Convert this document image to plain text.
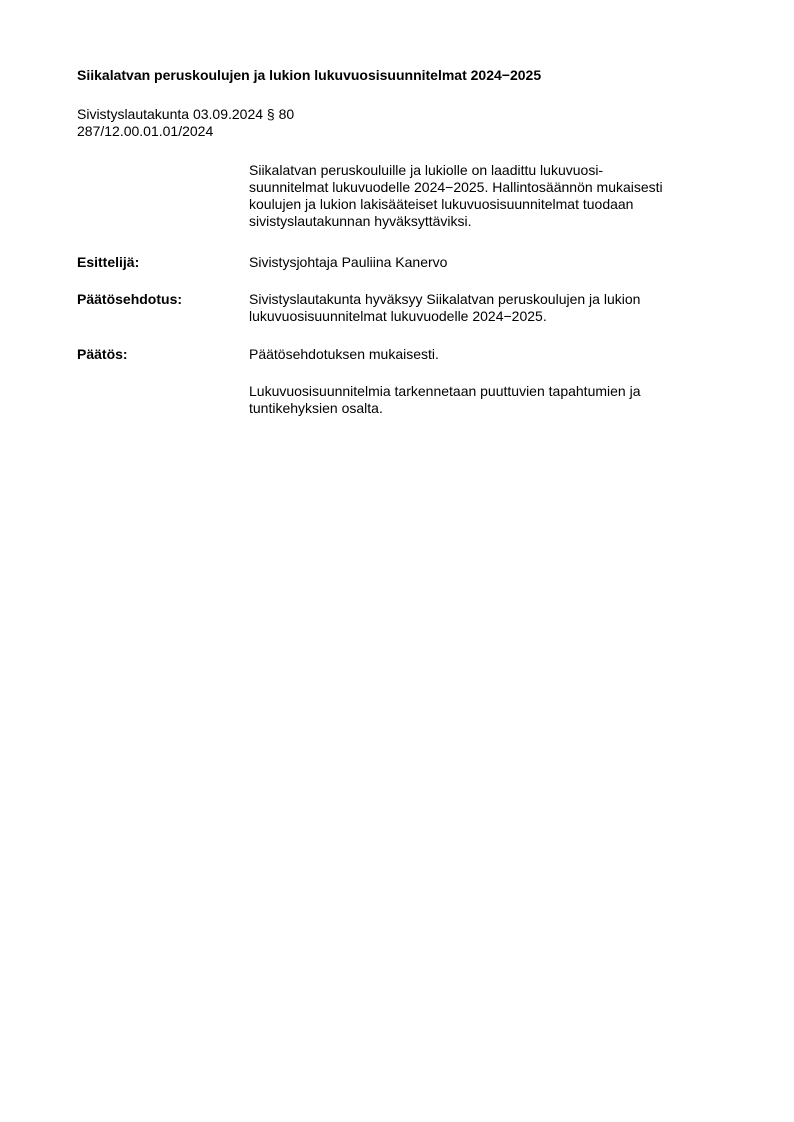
Siikalatvan peruskoulujen ja lukion lukuvuosisuunnitelmat 2024−2025
Sivistyslautakunta 03.09.2024 § 80
287/12.00.01.01/2024
Siikalatvan peruskouluille ja lukiolle on laadittu lukuvuosi-
suunnitelmat lukuvuodelle 2024−2025. Hallintosäännön mukaisesti
koulujen ja lukion lakisääteiset lukuvuosisuunnitelmat tuodaan
sivistyslautakunnan hyväksyttäviksi.
Esittelijä:	Sivistysjohtaja Pauliina Kanervo
Päätösehdotus:	Sivistyslautakunta hyväksyy Siikalatvan peruskoulujen ja lukion
lukuvuosisuunnitelmat lukuvuodelle 2024−2025.
Päätös:	Päätösehdotuksen mukaisesti.
Lukuvuosisuunnitelmia tarkennetaan puuttuvien tapahtumien ja
tuntikehyksien osalta.
